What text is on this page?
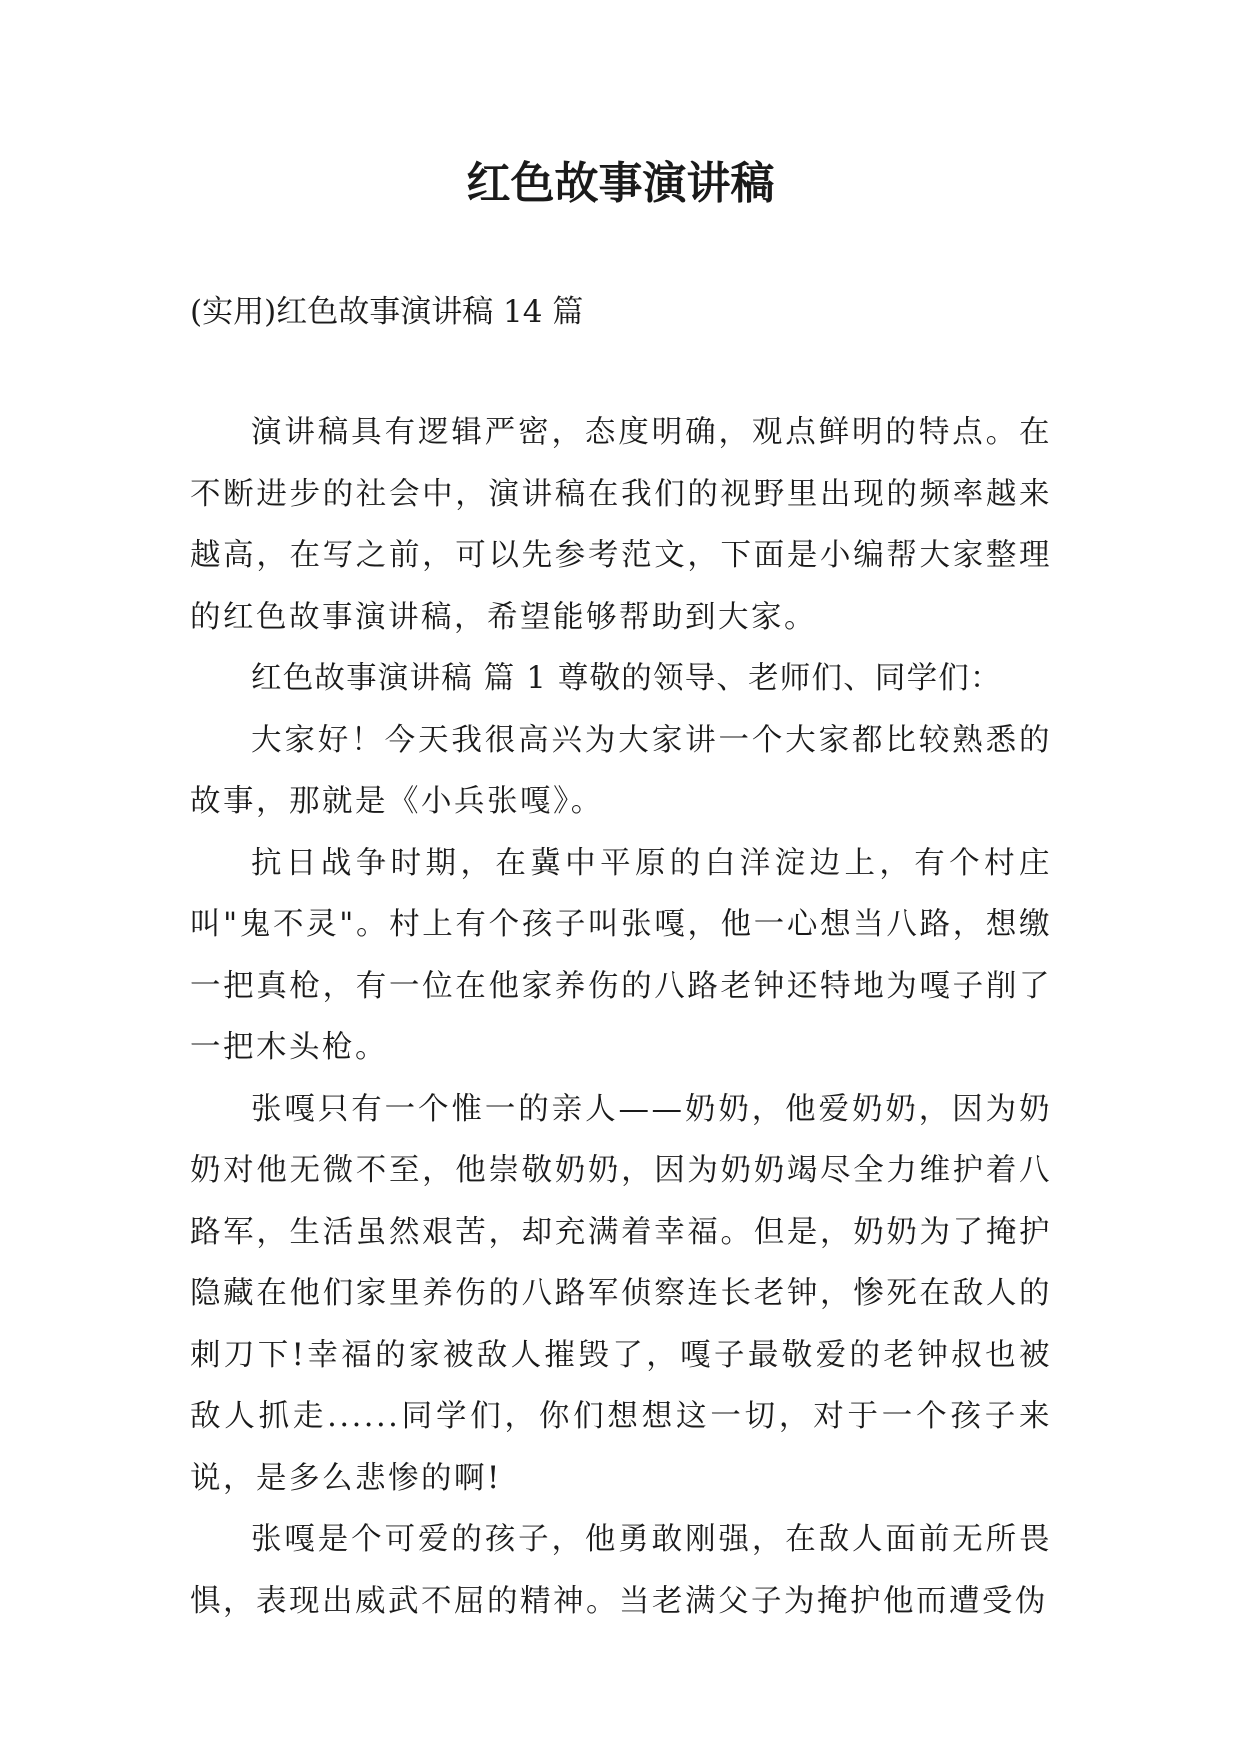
红色故事演讲稿

(实用)红色故事演讲稿 14 篇

演讲稿具有逻辑严密，态度明确，观点鲜明的特点。在不断进步的社会中，演讲稿在我们的视野里出现的频率越来越高，在写之前，可以先参考范文，下面是小编帮大家整理的红色故事演讲稿，希望能够帮助到大家。

红色故事演讲稿 篇 1 尊敬的领导、老师们、同学们：

大家好！今天我很高兴为大家讲一个大家都比较熟悉的故事，那就是《小兵张嘎》。

抗日战争时期，在冀中平原的白洋淀边上，有个村庄叫"鬼不灵"。村上有个孩子叫张嘎，他一心想当八路，想缴一把真枪，有一位在他家养伤的八路老钟还特地为嘎子削了一把木头枪。

张嘎只有一个惟一的亲人——奶奶，他爱奶奶，因为奶奶对他无微不至，他崇敬奶奶，因为奶奶竭尽全力维护着八路军，生活虽然艰苦，却充满着幸福。但是，奶奶为了掩护隐藏在他们家里养伤的八路军侦察连长老钟，惨死在敌人的刺刀下!幸福的家被敌人摧毁了，嘎子最敬爱的老钟叔也被敌人抓走......同学们，你们想想这一切，对于一个孩子来说，是多么悲惨的啊!

张嘎是个可爱的孩子，他勇敢刚强，在敌人面前无所畏惧，表现出威武不屈的精神。当老满父子为掩护他而遭受伪
